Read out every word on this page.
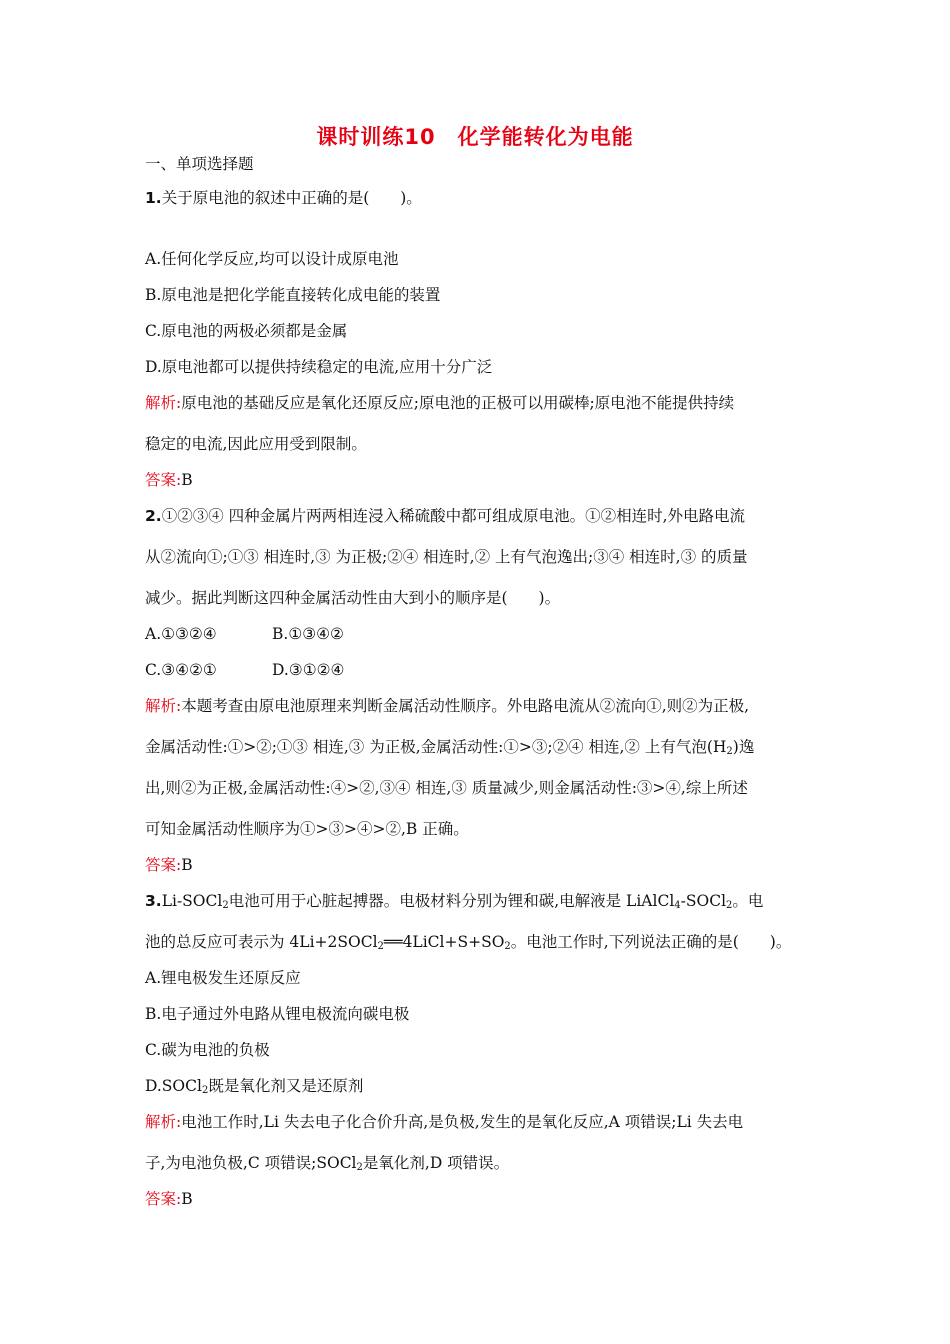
课时训练10　化学能转化为电能
一、单项选择题
1.关于原电池的叙述中正确的是(　　)。
A.任何化学反应,均可以设计成原电池
B.原电池是把化学能直接转化成电能的装置
C.原电池的两极必须都是金属
D.原电池都可以提供持续稳定的电流,应用十分广泛
解析:原电池的基础反应是氧化还原反应;原电池的正极可以用碳棒;原电池不能提供持续
稳定的电流,因此应用受到限制。
答案:B
2.①②③④ 四种金属片两两相连浸入稀硫酸中都可组成原电池。①②相连时,外电路电流
从②流向①;①③ 相连时,③ 为正极;②④ 相连时,② 上有气泡逸出;③④ 相连时,③ 的质量
减少。据此判断这四种金属活动性由大到小的顺序是(　　)。
A.①③②④	B.①③④②
C.③④②①	D.③①②④
解析:本题考查由原电池原理来判断金属活动性顺序。外电路电流从②流向①,则②为正极,
金属活动性:①>②;①③ 相连,③ 为正极,金属活动性:①>③;②④ 相连,② 上有气泡$(H_2)$逸
出,则②为正极,金属活动性:④>②,③④ 相连,③ 质量减少,则金属活动性:③>④,综上所述
可知金属活动性顺序为①>③>④>②,B 正确。
答案:B
3.Li-SOCl$_2$电池可用于心脏起搏器。电极材料分别为锂和碳,电解液是 LiAlCl$_4$-SOCl$_2$。电
池的总反应可表示为 $4Li+2SOCl_2══4LiCl+S+SO_2$。电池工作时,下列说法正确的是(　　)。
A.锂电极发生还原反应
B.电子通过外电路从锂电极流向碳电极
C.碳为电池的负极
D.SOCl$_2$既是氧化剂又是还原剂
解析:电池工作时,Li 失去电子化合价升高,是负极,发生的是氧化反应,A 项错误;Li 失去电
子,为电池负极,C 项错误;SOCl$_2$是氧化剂,D 项错误。
答案:B
